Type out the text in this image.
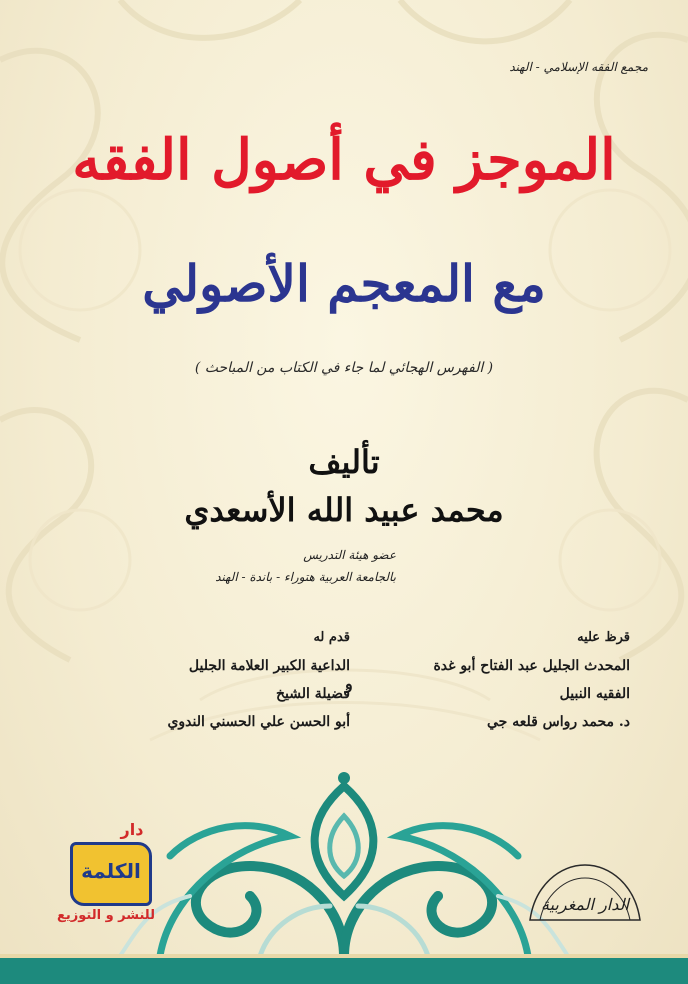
مجمع الفقه الإسلامي - الهند
الموجز في أصول الفقه
مع المعجم الأصولي
( الفهرس الهجائي لما جاء في الكتاب من المباحث )
تأليف
محمد عبيد الله الأسعدي
عضو هيئة التدريس
بالجامعة العربية هتوراء - باندة - الهند
قرظ عليه
المحدث الجليل عبد الفتاح أبو غدة
الفقيه النبيل
د. محمد رواس قلعه جي
و
قدم له
الداعية الكبير العلامة الجليل
فضيلة الشيخ
أبو الحسن علي الحسني الندوي
دار
الكلمة
للنشر و التوزيع
الدار المغربية
